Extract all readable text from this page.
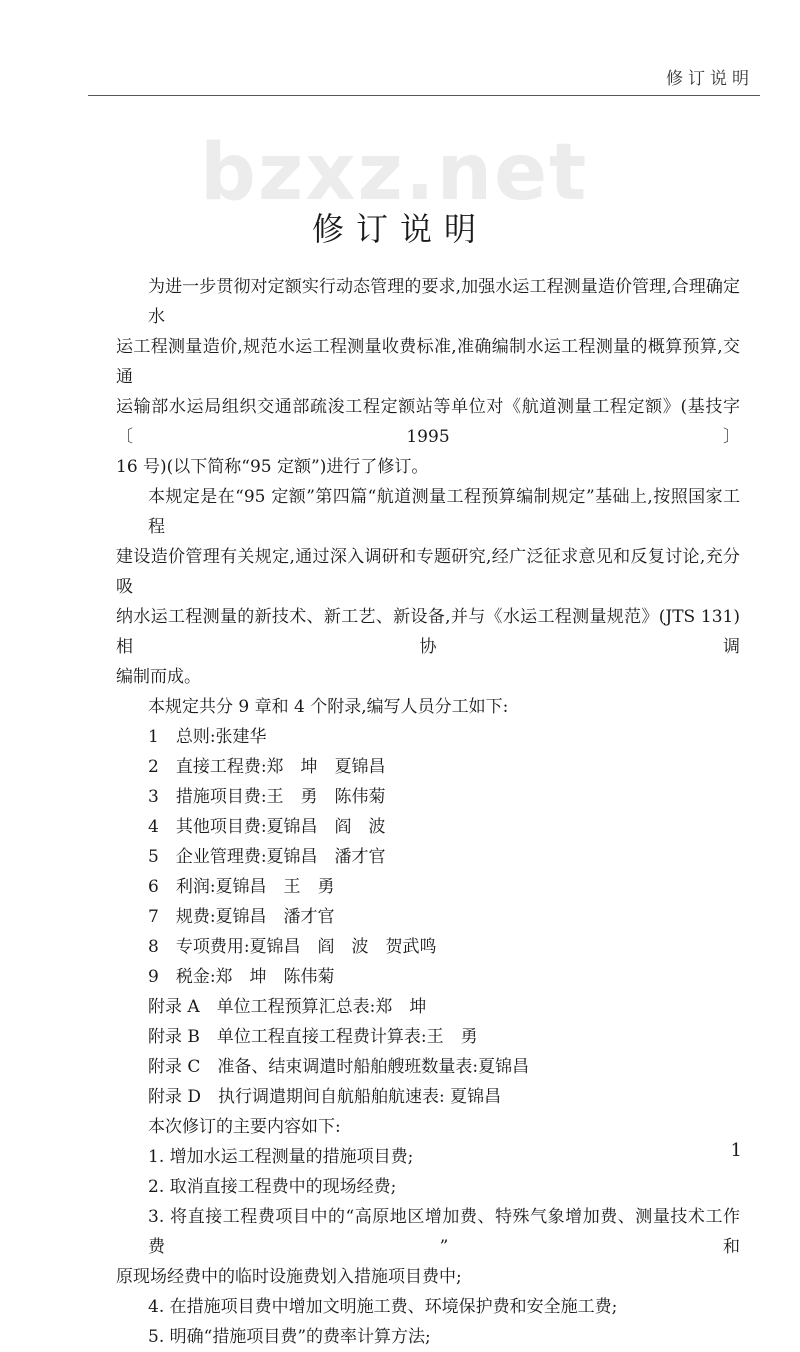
修订说明
bzxz.net
修订说明
为进一步贯彻对定额实行动态管理的要求,加强水运工程测量造价管理,合理确定水
运工程测量造价,规范水运工程测量收费标准,准确编制水运工程测量的概算预算,交通
运输部水运局组织交通部疏浚工程定额站等单位对《航道测量工程定额》(基技字〔1995〕
16 号)(以下简称“95 定额”)进行了修订。
本规定是在“95 定额”第四篇“航道测量工程预算编制规定”基础上,按照国家工程
建设造价管理有关规定,通过深入调研和专题研究,经广泛征求意见和反复讨论,充分吸
纳水运工程测量的新技术、新工艺、新设备,并与《水运工程测量规范》(JTS 131)相协调
编制而成。
本规定共分 9 章和 4 个附录,编写人员分工如下:
1　总则:张建华
2　直接工程费:郑　坤　夏锦昌
3　措施项目费:王　勇　陈伟菊
4　其他项目费:夏锦昌　阎　波
5　企业管理费:夏锦昌　潘才官
6　利润:夏锦昌　王　勇
7　规费:夏锦昌　潘才官
8　专项费用:夏锦昌　阎　波　贺武鸣
9　税金:郑　坤　陈伟菊
附录 A　单位工程预算汇总表:郑　坤
附录 B　单位工程直接工程费计算表:王　勇
附录 C　准备、结束调遣时船舶艘班数量表:夏锦昌
附录 D　执行调遣期间自航船舶航速表: 夏锦昌
本次修订的主要内容如下:
1. 增加水运工程测量的措施项目费;
2. 取消直接工程费中的现场经费;
3. 将直接工程费项目中的“高原地区增加费、特殊气象增加费、测量技术工作费”和
原现场经费中的临时设施费划入措施项目费中;
4. 在措施项目费中增加文明施工费、环境保护费和安全施工费;
5. 明确“措施项目费”的费率计算方法;
1
